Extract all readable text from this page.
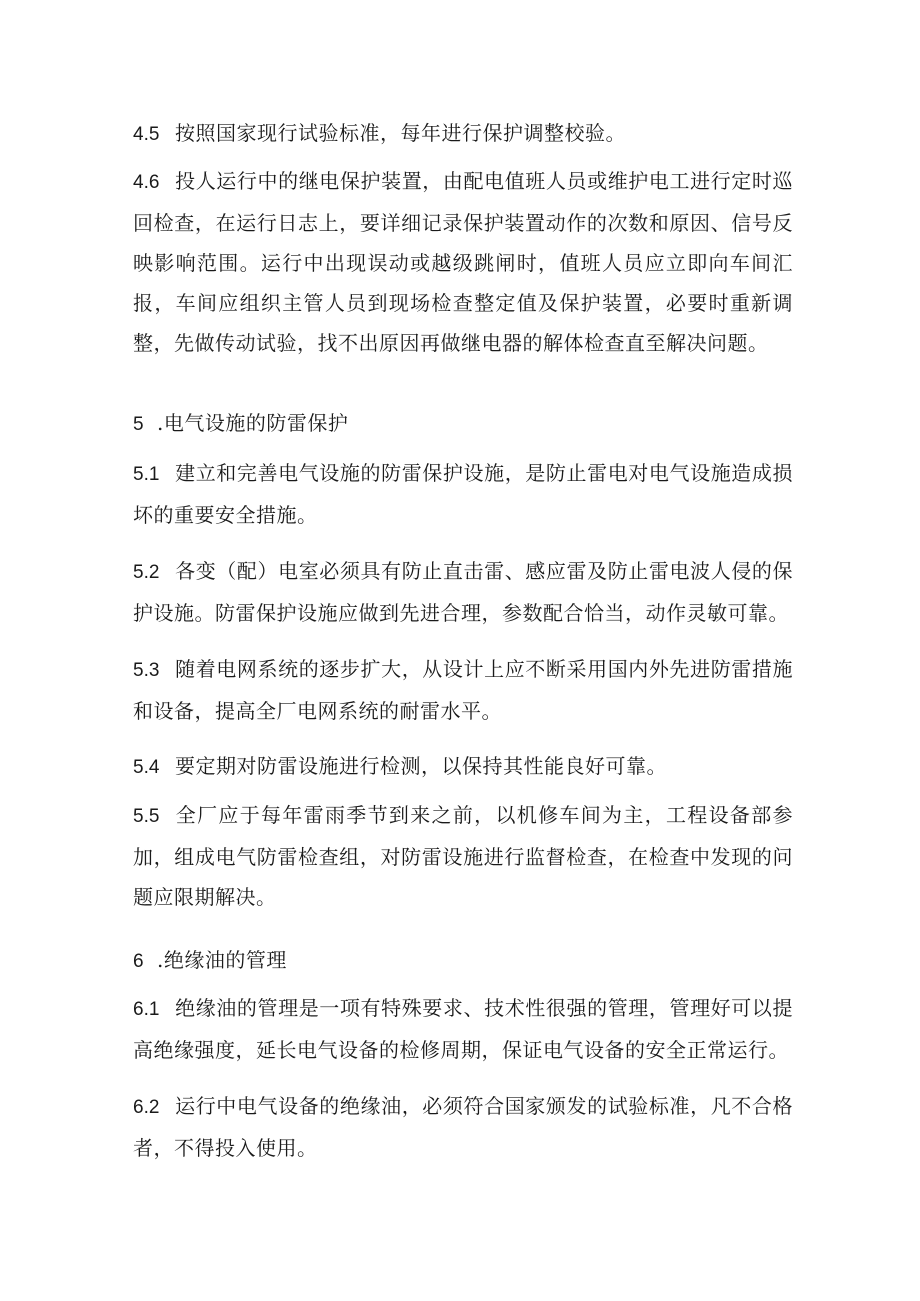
4.5 按照国家现行试验标准，每年进行保护调整校验。

4.6 投人运行中的继电保护装置，由配电值班人员或维护电工进行定时巡回检查，在运行日志上，要详细记录保护装置动作的次数和原因、信号反映影响范围。运行中出现误动或越级跳闸时，值班人员应立即向车间汇报，车间应组织主管人员到现场检查整定值及保护装置，必要时重新调整，先做传动试验，找不出原因再做继电器的解体检查直至解决问题。

5 .电气设施的防雷保护

5.1 建立和完善电气设施的防雷保护设施，是防止雷电对电气设施造成损坏的重要安全措施。

5.2 各变（配）电室必须具有防止直击雷、感应雷及防止雷电波人侵的保护设施。防雷保护设施应做到先进合理，参数配合恰当，动作灵敏可靠。

5.3 随着电网系统的逐步扩大，从设计上应不断采用国内外先进防雷措施和设备，提高全厂电网系统的耐雷水平。

5.4 要定期对防雷设施进行检测，以保持其性能良好可靠。

5.5 全厂应于每年雷雨季节到来之前，以机修车间为主，工程设备部参加，组成电气防雷检查组，对防雷设施进行监督检查，在检查中发现的问题应限期解决。

6 .绝缘油的管理

6.1 绝缘油的管理是一项有特殊要求、技术性很强的管理，管理好可以提高绝缘强度，延长电气设备的检修周期，保证电气设备的安全正常运行。

6.2 运行中电气设备的绝缘油，必须符合国家颁发的试验标准，凡不合格者，不得投入使用。
